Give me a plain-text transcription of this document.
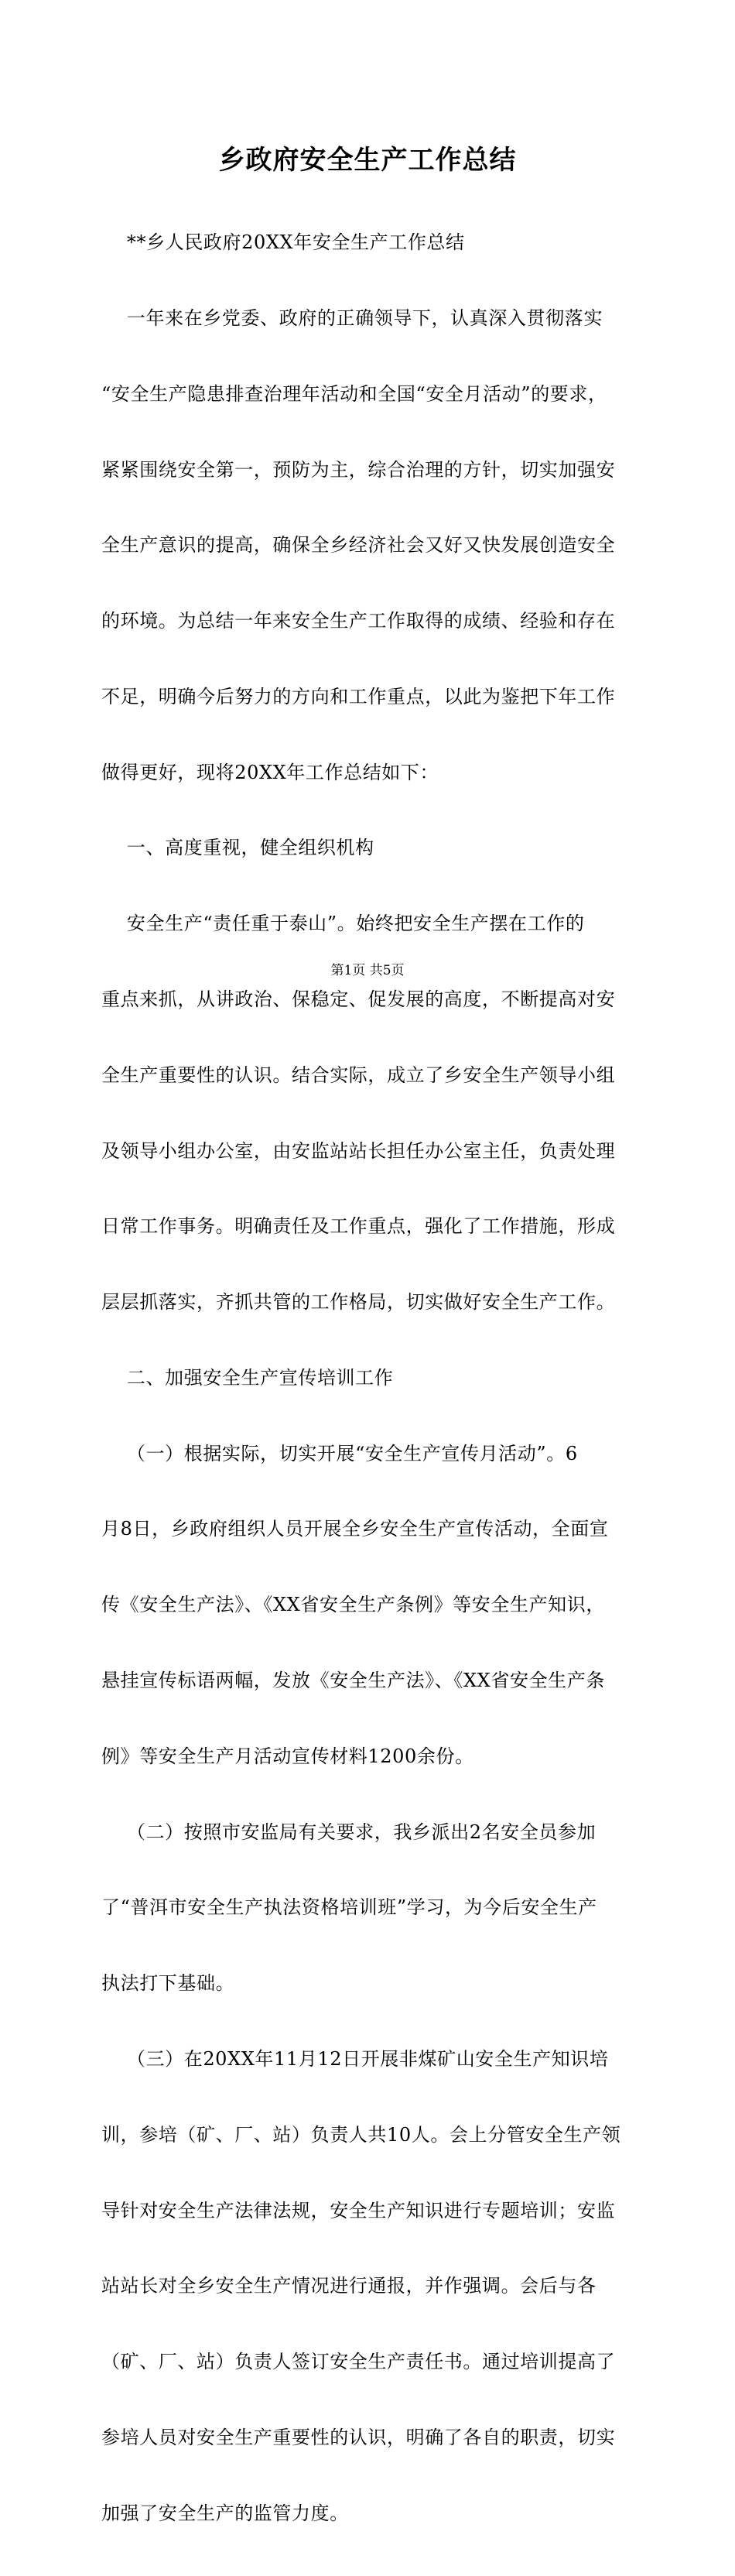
乡政府安全生产工作总结

**乡人民政府20XX年安全生产工作总结

一年来在乡党委、政府的正确领导下，认真深入贯彻落实

“安全生产隐患排查治理年活动和全国“安全月活动”的要求，

紧紧围绕安全第一，预防为主，综合治理的方针，切实加强安

全生产意识的提高，确保全乡经济社会又好又快发展创造安全

的环境。为总结一年来安全生产工作取得的成绩、经验和存在

不足，明确今后努力的方向和工作重点，以此为鉴把下年工作

做得更好，现将20XX年工作总结如下：

一、高度重视，健全组织机构

安全生产“责任重于泰山”。始终把安全生产摆在工作的

重点来抓，从讲政治、保稳定、促发展的高度，不断提高对安

全生产重要性的认识。结合实际，成立了乡安全生产领导小组

及领导小组办公室，由安监站站长担任办公室主任，负责处理

日常工作事务。明确责任及工作重点，强化了工作措施，形成

层层抓落实，齐抓共管的工作格局，切实做好安全生产工作。

二、加强安全生产宣传培训工作

（一）根据实际，切实开展“安全生产宣传月活动”。6

月8日，乡政府组织人员开展全乡安全生产宣传活动，全面宣

传《安全生产法》、《XX省安全生产条例》等安全生产知识，

悬挂宣传标语两幅，发放《安全生产法》、《XX省安全生产条

例》等安全生产月活动宣传材料1200余份。

（二）按照市安监局有关要求，我乡派出2名安全员参加

了“普洱市安全生产执法资格培训班”学习，为今后安全生产

执法打下基础。

（三）在20XX年11月12日开展非煤矿山安全生产知识培

训，参培（矿、厂、站）负责人共10人。会上分管安全生产领

导针对安全生产法律法规，安全生产知识进行专题培训；安监

站站长对全乡安全生产情况进行通报，并作强调。会后与各

（矿、厂、站）负责人签订安全生产责任书。通过培训提高了

参培人员对安全生产重要性的认识，明确了各自的职责，切实

加强了安全生产的监管力度。

第1页 共5页
